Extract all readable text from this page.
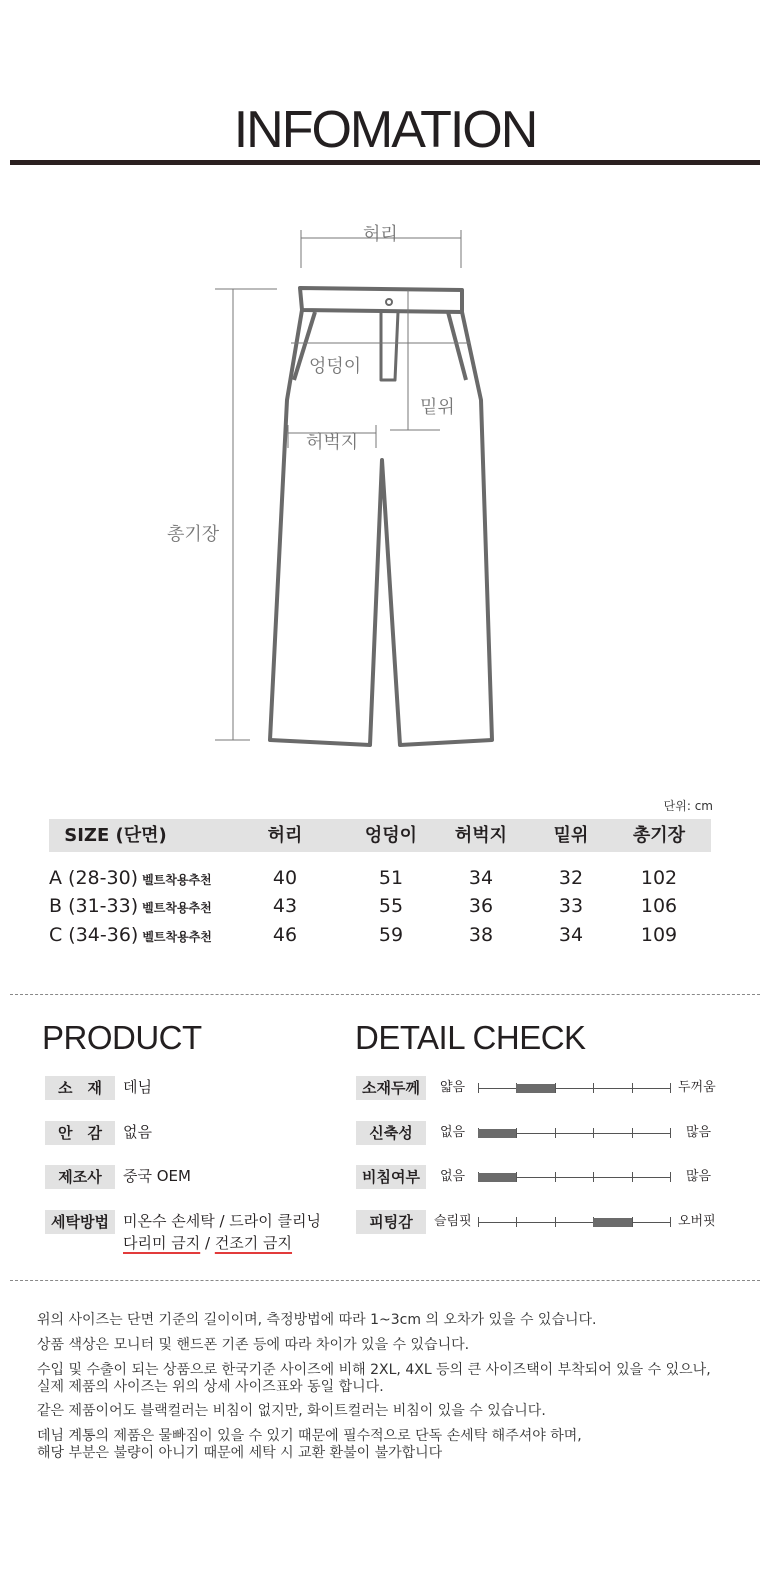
INFOMATION
허리
엉덩이
밑위
허벅지
총기장
단위: cm
SIZE (단면)	허리	엉덩이	허벅지	밑위	총기장
A (28-30) 벨트착용추천	40	51	34	32	102
B (31-33) 벨트착용추천	43	55	36	33	106
C (34-36) 벨트착용추천	46	59	38	34	109
PRODUCT
소　재	데님
안　감	없음
제조사	중국 OEM
세탁방법 미온수 손세탁 / 드라이 클리닝
다리미 금지 / 건조기 금지
DETAIL CHECK
소재두께	얇음	두꺼움
신축성	없음	많음
비침여부	없음	많음
피팅감	슬림핏	오버핏
위의 사이즈는 단면 기준의 길이이며, 측정방법에 따라 1~3cm 의 오차가 있을 수 있습니다.
상품 색상은 모니터 및 핸드폰 기존 등에 따라 차이가 있을 수 있습니다.
수입 및 수출이 되는 상품으로 한국기준 사이즈에 비해 2XL, 4XL 등의 큰 사이즈택이 부착되어 있을 수 있으나,
실제 제품의 사이즈는 위의 상세 사이즈표와 동일 합니다.
같은 제품이어도 블랙컬러는 비침이 없지만, 화이트컬러는 비침이 있을 수 있습니다.
데님 계통의 제품은 물빠짐이 있을 수 있기 때문에 필수적으로 단독 손세탁 해주셔야 하며,
해당 부분은 불량이 아니기 때문에 세탁 시 교환 환불이 불가합니다
